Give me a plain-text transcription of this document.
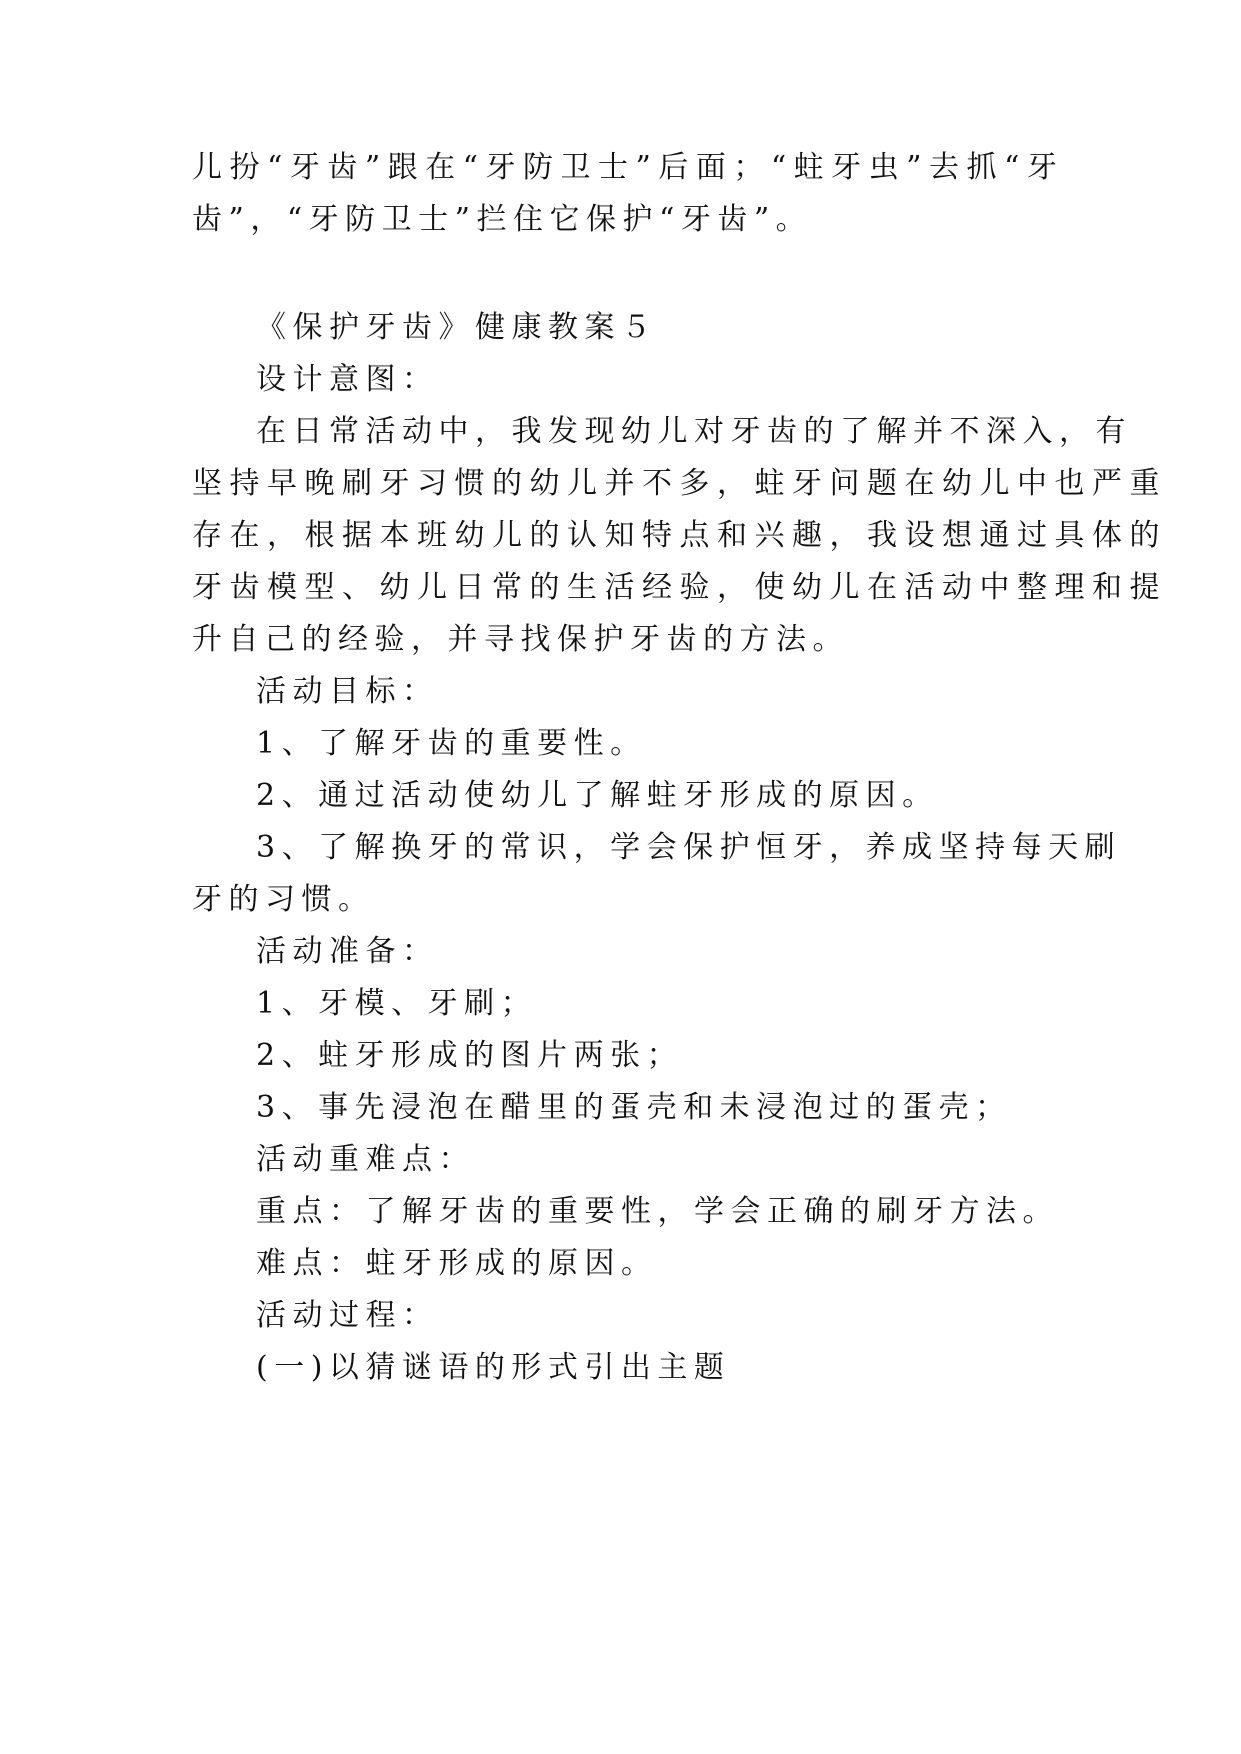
儿扮“牙齿”跟在“牙防卫士”后面；“蛀牙虫”去抓“牙
齿”，“牙防卫士”拦住它保护“牙齿”。
《保护牙齿》健康教案５
设计意图：
在日常活动中，我发现幼儿对牙齿的了解并不深入，有
坚持早晚刷牙习惯的幼儿并不多，蛀牙问题在幼儿中也严重
存在，根据本班幼儿的认知特点和兴趣，我设想通过具体的
牙齿模型、幼儿日常的生活经验，使幼儿在活动中整理和提
升自己的经验，并寻找保护牙齿的方法。
活动目标：
1、了解牙齿的重要性。
2、通过活动使幼儿了解蛀牙形成的原因。
3、了解换牙的常识，学会保护恒牙，养成坚持每天刷
牙的习惯。
活动准备：
1、牙模、牙刷；
2、蛀牙形成的图片两张；
3、事先浸泡在醋里的蛋壳和未浸泡过的蛋壳；
活动重难点：
重点：了解牙齿的重要性，学会正确的刷牙方法。
难点：蛀牙形成的原因。
活动过程：
(一)以猜谜语的形式引出主题
